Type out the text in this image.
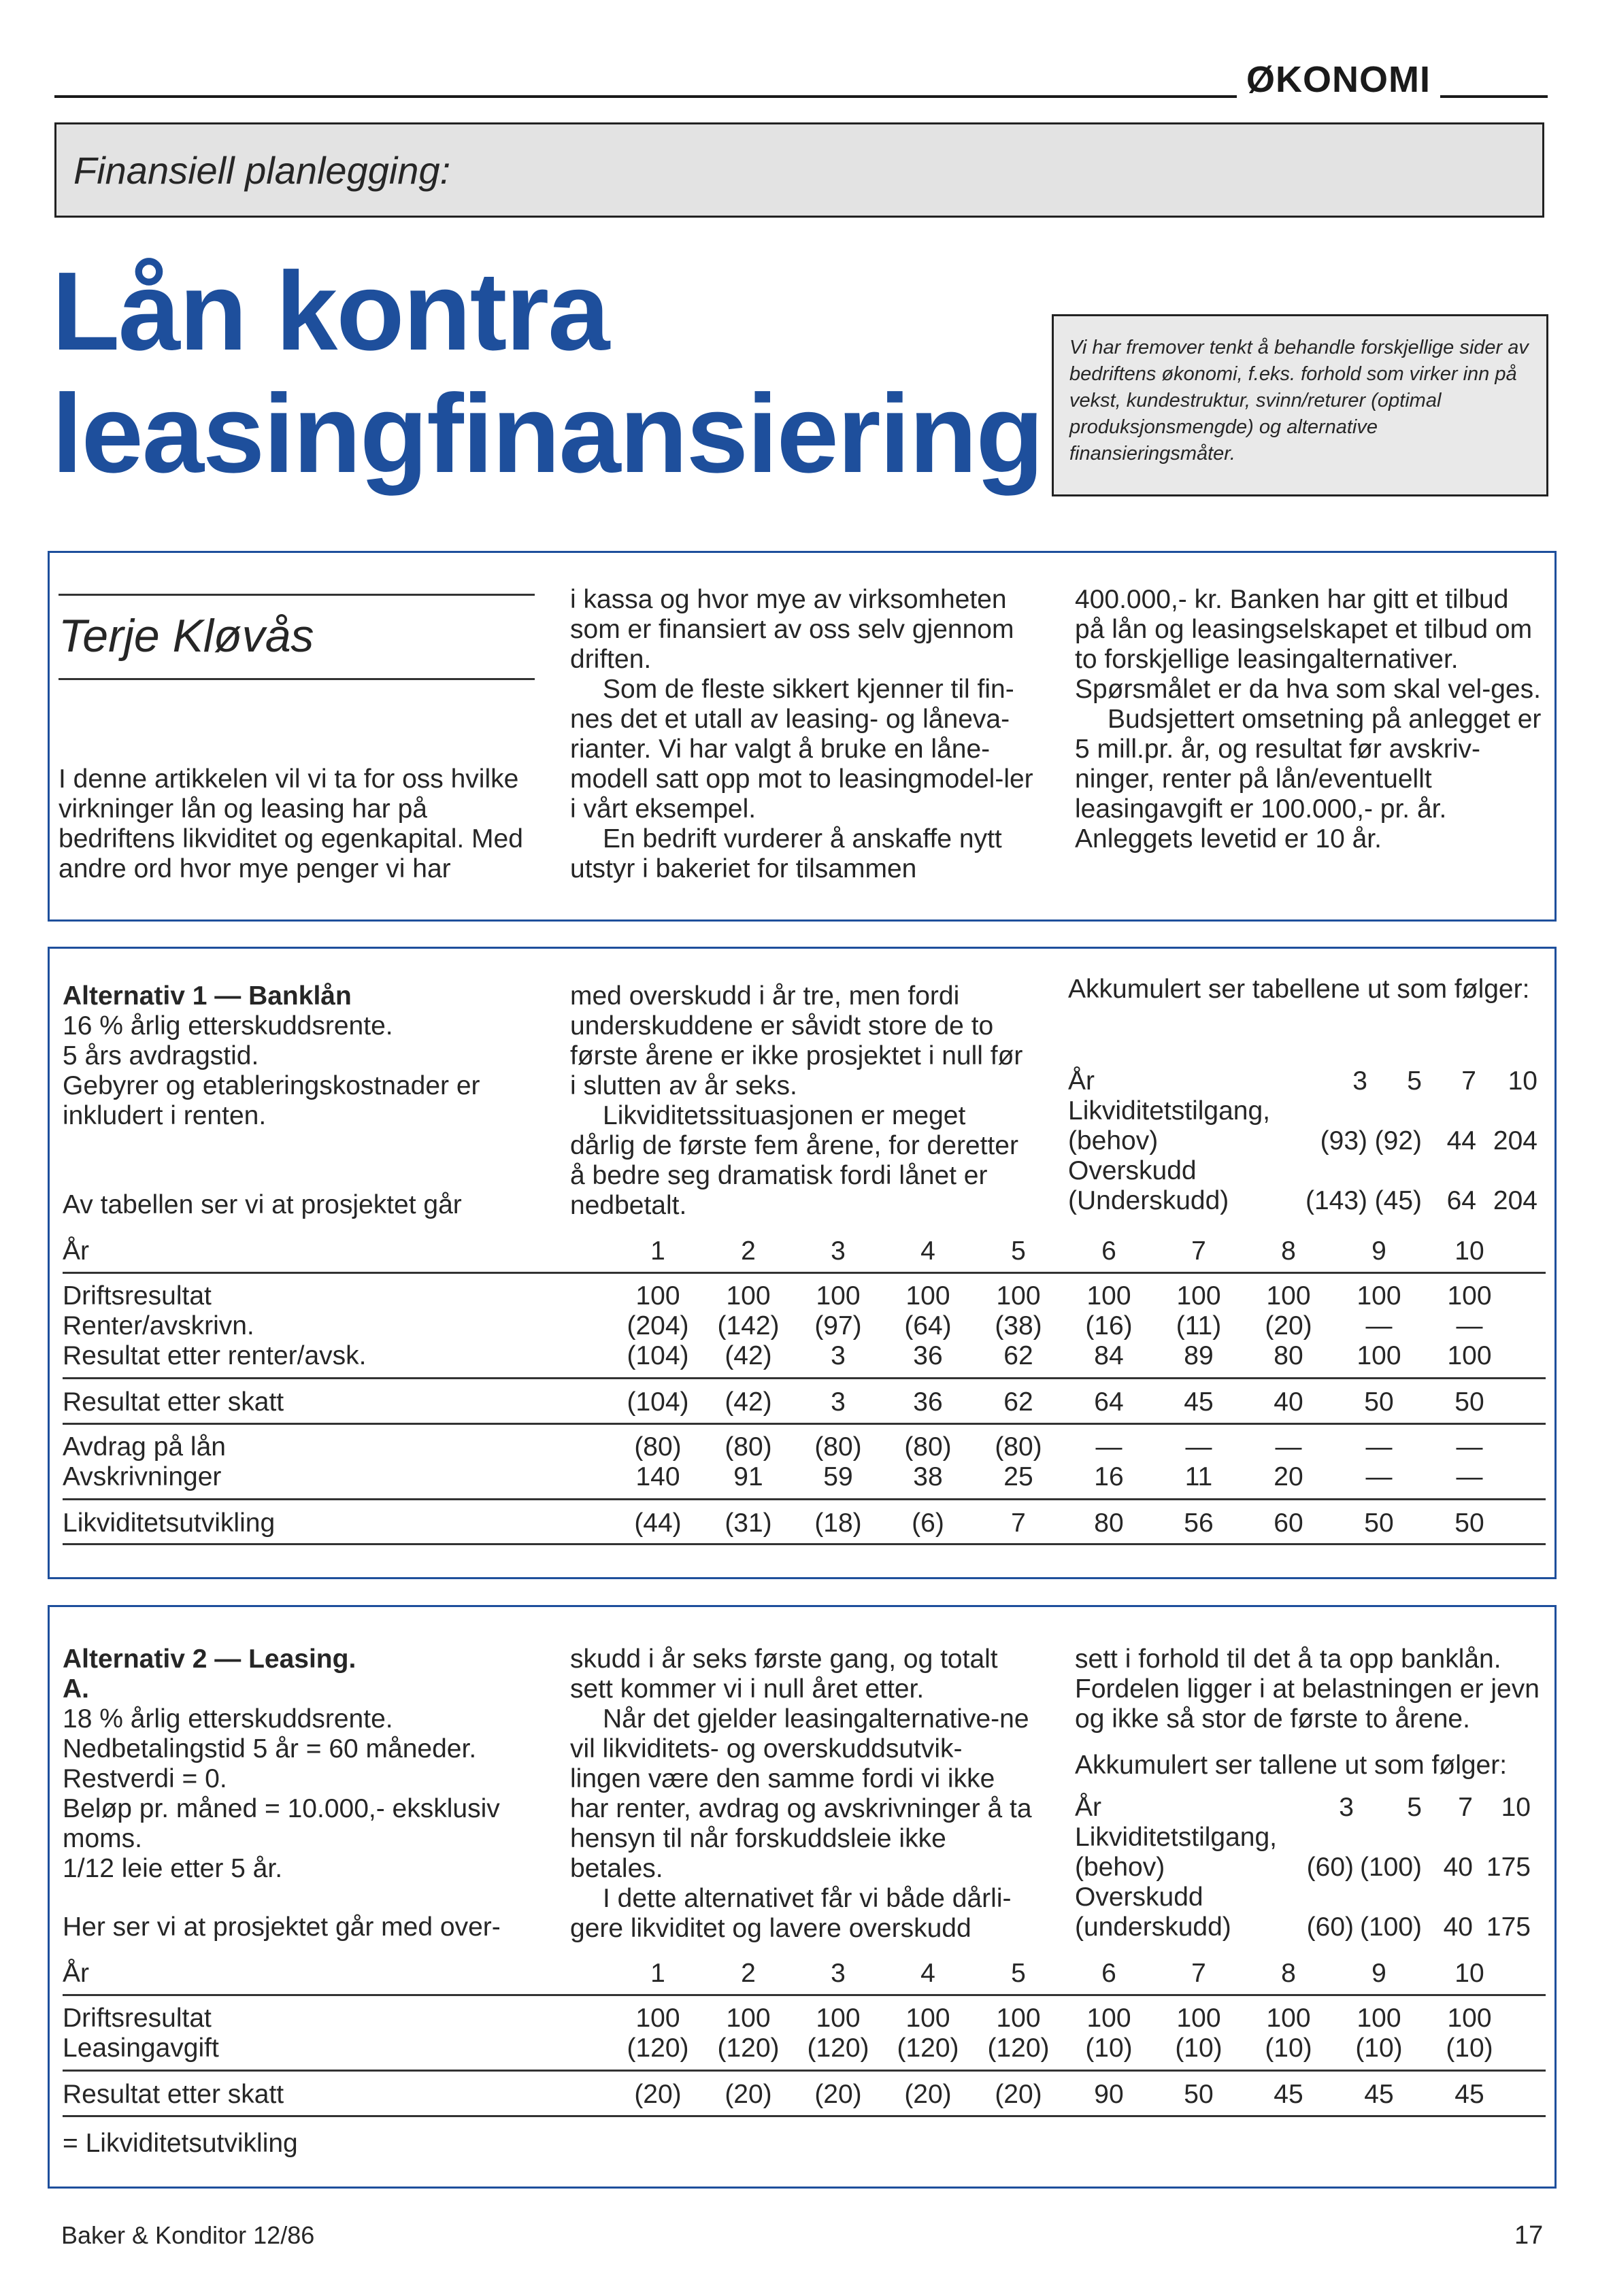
ØKONOMI
Finansiell planlegging:
Lån kontra
leasingfinansiering
Vi har fremover tenkt å behandle forskjellige sider av bedriftens økonomi, f.eks. forhold som virker inn på vekst, kundestruktur, svinn/returer (optimal produksjonsmengde) og alternative finansieringsmåter.
Terje Kløvås

I denne artikkelen vil vi ta for oss hvilke virkninger lån og leasing har på bedriftens likviditet og egenkapital. Med andre ord hvor mye penger vi har

i kassa og hvor mye av virksomheten som er finansiert av oss selv gjennom driften.

Som de fleste sikkert kjenner til fin-nes det et utall av leasing- og låneva-rianter. Vi har valgt å bruke en låne-modell satt opp mot to leasingmodel-ler i vårt eksempel.

En bedrift vurderer å anskaffe nytt utstyr i bakeriet for tilsammen

400.000,- kr. Banken har gitt et tilbud på lån og leasingselskapet et tilbud om to forskjellige leasingalternativer. Spørsmålet er da hva som skal vel-ges.

Budsjettert omsetning på anlegget er 5 mill.pr. år, og resultat før avskriv-ninger, renter på lån/eventuellt leasingavgift er 100.000,- pr. år. Anleggets levetid er 10 år.

Alternativ 1 — Banklån

16 % årlig etterskuddsrente.

5 års avdragstid.

Gebyrer og etableringskostnader er inkludert i renten.

Av tabellen ser vi at prosjektet går

med overskudd i år tre, men fordi underskuddene er såvidt store de to første årene er ikke prosjektet i null før i slutten av år seks.

Likviditetssituasjonen er meget dårlig de første fem årene, for deretter å bedre seg dramatisk fordi lånet er nedbetalt.

Akkumulert ser tabellene ut som følger:
År	3	5	7	10
Likviditetstilgang,
(behov)	(93) (92) 44 204
Overskudd
(Underskudd)	(143) (45) 64 204
År	1	2	3	4	5	6	7	8	9	10
Driftsresultat	100	100	100	100	100	100	100	100	100	100
Renter/avskrivn.	(204)	(142)	(97)	(64)	(38)	(16)	(11)	(20)	—	—
Resultat etter renter/avsk.	(104)	(42)	3	36	62	84	89	80	100	100
Resultat etter skatt	(104)	(42)	3	36	62	64	45	40	50	50
Avdrag på lån	(80)	(80)	(80)	(80)	(80)	—	—	—	—	—
Avskrivninger	140	91	59	38	25	16	11	20	—	—
Likviditetsutvikling	(44)	(31)	(18)	(6)	7	80	56	60	50	50

Alternativ 2 — Leasing.

A.

18 % årlig etterskuddsrente.

Nedbetalingstid 5 år = 60 måneder.

Restverdi = 0.

Beløp pr. måned = 10.000,- eksklusiv moms.

1/12 leie etter 5 år.

Her ser vi at prosjektet går med over-

skudd i år seks første gang, og totalt sett kommer vi i null året etter.

Når det gjelder leasingalternative-ne vil likviditets- og overskuddsutvik-lingen være den samme fordi vi ikke har renter, avdrag og avskrivninger å ta hensyn til når forskuddsleie ikke betales.

I dette alternativet får vi både dårli-gere likviditet og lavere overskudd

sett i forhold til det å ta opp banklån. Fordelen ligger i at belastningen er jevn og ikke så stor de første to årene.

Akkumulert ser tallene ut som følger:
År	3	5	7	10
Likviditetstilgang,
(behov)	(60) (100) 40 175
Overskudd
(underskudd)	(60) (100) 40 175
År	1	2	3	4	5	6	7	8	9	10
Driftsresultat	100	100	100	100	100	100	100	100	100	100
Leasingavgift	(120)	(120)	(120)	(120)	(120)	(10)	(10)	(10)	(10)	(10)
Resultat etter skatt	(20)	(20)	(20)	(20)	(20)	90	50	45	45	45
= Likviditetsutvikling
Baker & Konditor 12/86	17
